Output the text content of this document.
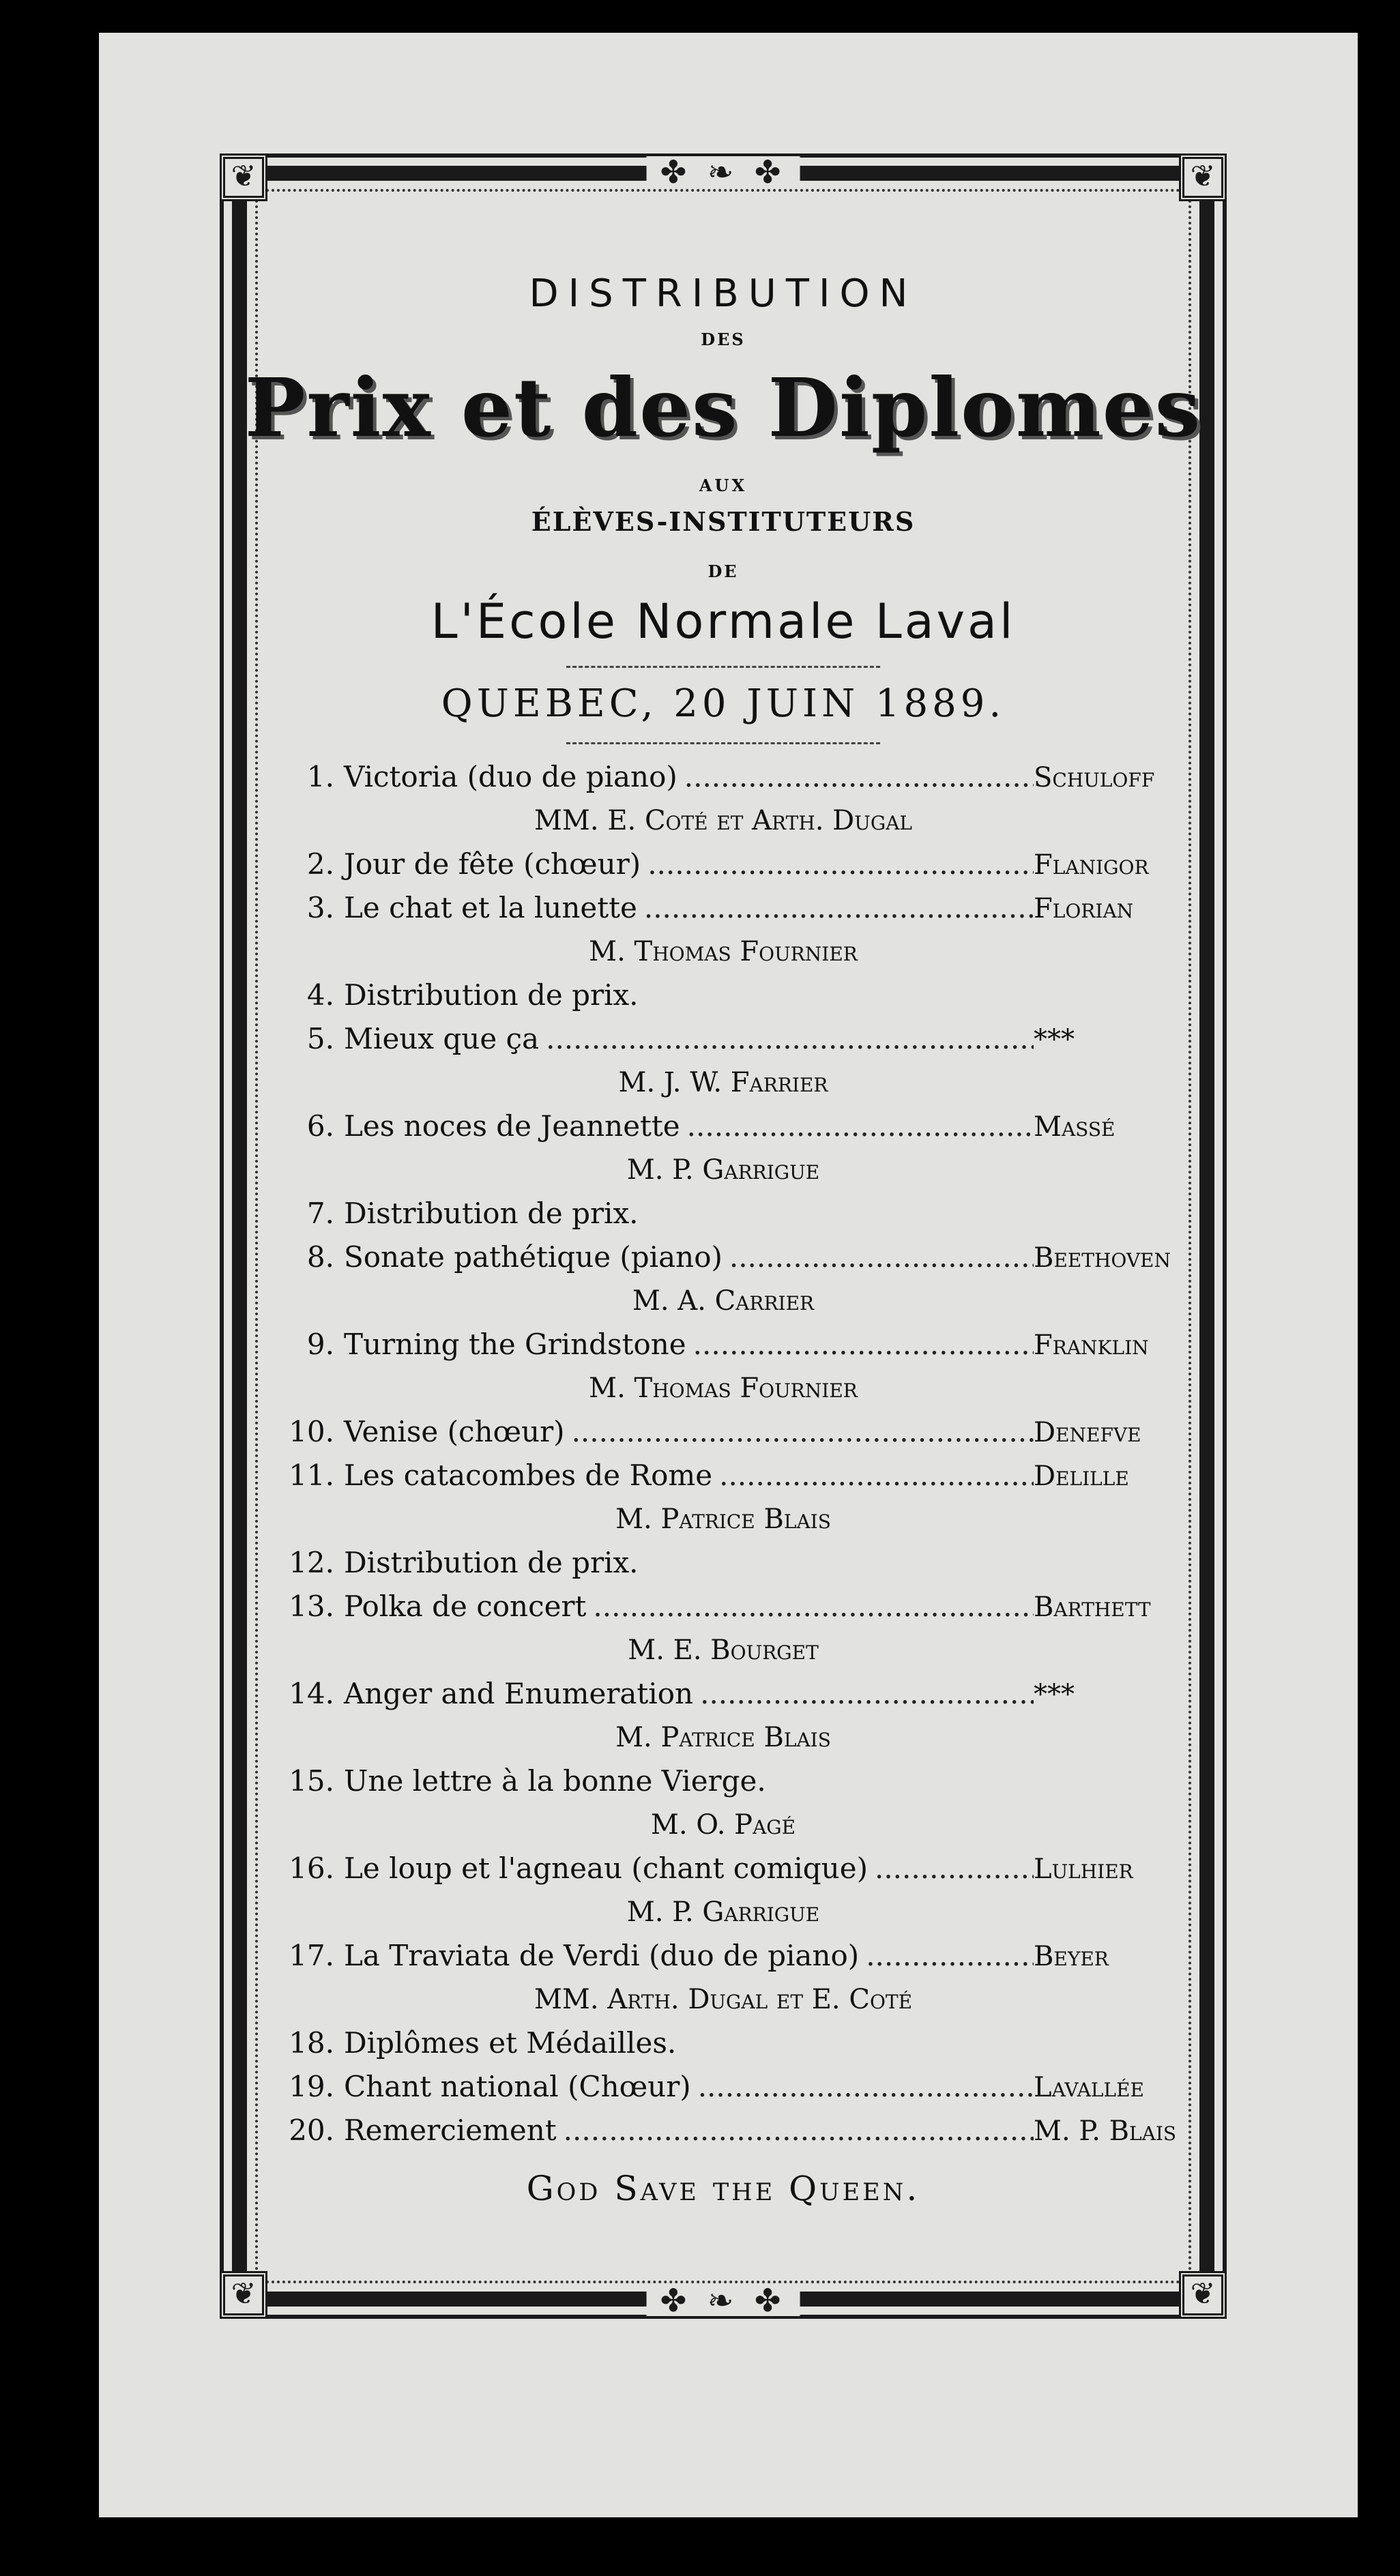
❦	❦
❦	❦
✤ ❧ ✤
✤ ❧ ✤
DISTRIBUTION
DES
Prix et des Diplomes
AUX
ÉLÈVES-INSTITUTEURS
DE
L'École Normale Laval
QUEBEC, 20 JUIN 1889.
1. Victoria (duo de piano) .....	Schuloff
MM. E. Coté et Arth. Dugal
2. Jour de fête (chœur) .....	Flanigor
3. Le chat et la lunette .....	Florian
M. Thomas Fournier
4. Distribution de prix.
5. Mieux que ça .....	***
M. J. W. Farrier
6. Les noces de Jeannette .....	Massé
M. P. Garrigue
7. Distribution de prix.
8. Sonate pathétique (piano) .....	Beethoven
M. A. Carrier
9. Turning the Grindstone .....	Franklin
M. Thomas Fournier
10. Venise (chœur) .....	Denefve
11. Les catacombes de Rome .....	Delille
M. Patrice Blais
12. Distribution de prix.
13. Polka de concert .....	Barthett
M. E. Bourget
14. Anger and Enumeration .....	***
M. Patrice Blais
15. Une lettre à la bonne Vierge.
M. O. Pagé
16. Le loup et l'agneau (chant comique) .....	Lulhier
M. P. Garrigue
17. La Traviata de Verdi (duo de piano) .....	Beyer
MM. Arth. Dugal et E. Coté
18. Diplômes et Médailles.
19. Chant national (Chœur) .....	Lavallée
20. Remerciement .....	M. P. Blais
God Save the Queen.
